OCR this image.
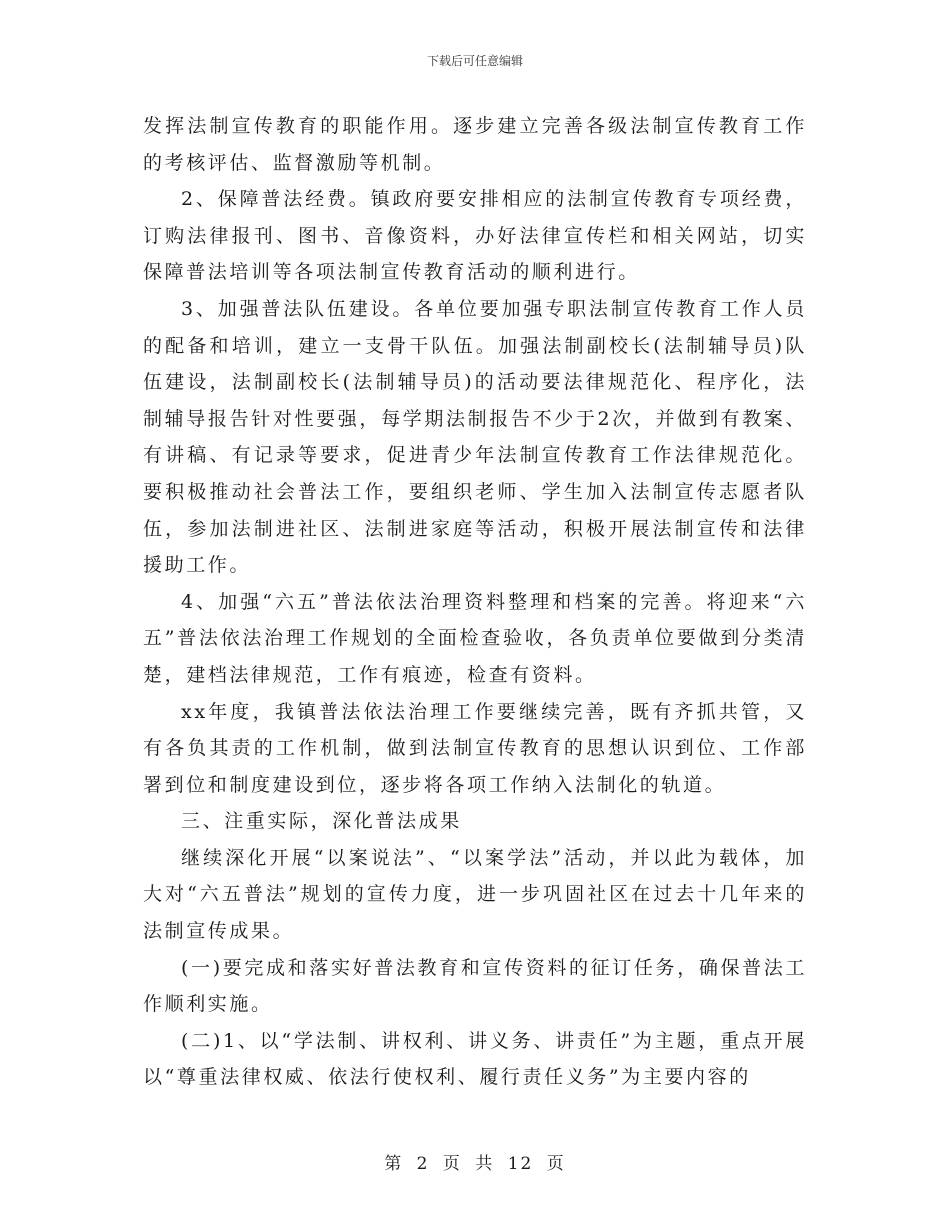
下载后可任意编辑

发挥法制宣传教育的职能作用。逐步建立完善各级法制宣传教育工作的考核评估、监督激励等机制。

2、保障普法经费。镇政府要安排相应的法制宣传教育专项经费，订购法律报刊、图书、音像资料，办好法律宣传栏和相关网站，切实保障普法培训等各项法制宣传教育活动的顺利进行。

3、加强普法队伍建设。各单位要加强专职法制宣传教育工作人员的配备和培训，建立一支骨干队伍。加强法制副校长(法制辅导员)队伍建设，法制副校长(法制辅导员)的活动要法律规范化、程序化，法制辅导报告针对性要强，每学期法制报告不少于2次，并做到有教案、有讲稿、有记录等要求，促进青少年法制宣传教育工作法律规范化。要积极推动社会普法工作，要组织老师、学生加入法制宣传志愿者队伍，参加法制进社区、法制进家庭等活动，积极开展法制宣传和法律援助工作。

4、加强“六五”普法依法治理资料整理和档案的完善。将迎来“六五”普法依法治理工作规划的全面检查验收，各负责单位要做到分类清楚，建档法律规范，工作有痕迹，检查有资料。

xx年度，我镇普法依法治理工作要继续完善，既有齐抓共管，又有各负其责的工作机制，做到法制宣传教育的思想认识到位、工作部署到位和制度建设到位，逐步将各项工作纳入法制化的轨道。

三、注重实际，深化普法成果

继续深化开展“以案说法”、“以案学法”活动，并以此为载体，加大对“六五普法”规划的宣传力度，进一步巩固社区在过去十几年来的法制宣传成果。

(一)要完成和落实好普法教育和宣传资料的征订任务，确保普法工作顺利实施。

(二)1、以“学法制、讲权利、讲义务、讲责任”为主题，重点开展以“尊重法律权威、依法行使权利、履行责任义务”为主要内容的

第 2 页 共 12 页
